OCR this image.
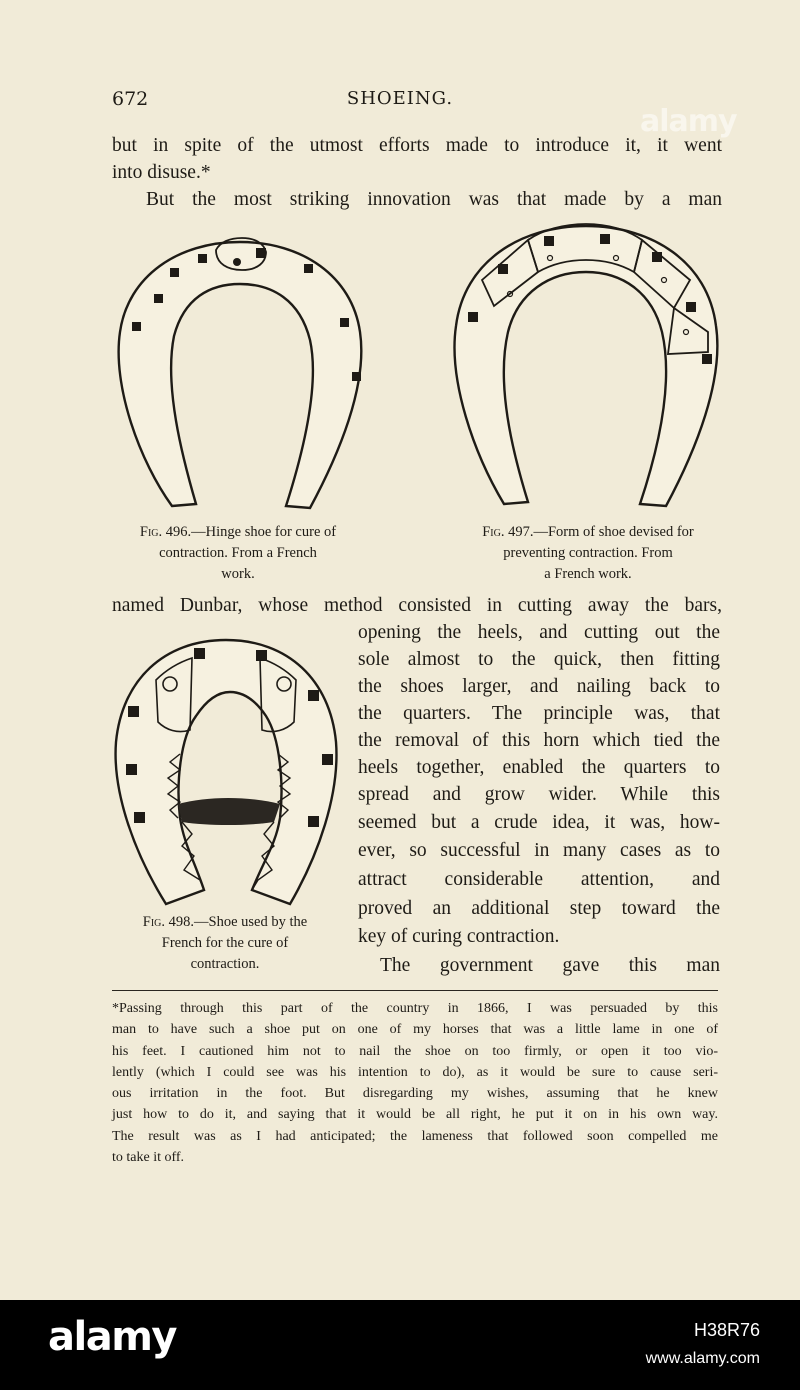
672	SHOEING.
alamy
but in spite of the utmost efforts made to introduce it, it went
into disuse.*
But the most striking innovation was that made by a man
Fig. 496.—Hinge shoe for cure of
contraction. From a French
work.
Fig. 497.—Form of shoe devised for
preventing contraction. From
a French work.
named Dunbar, whose method consisted in cutting away the bars,
Fig. 498.—Shoe used by the
French for the cure of
contraction.
opening the heels, and cutting out the
sole almost to the quick, then fitting
the shoes larger, and nailing back to
the quarters. The principle was, that
the removal of this horn which tied the
heels together, enabled the quarters to
spread and grow wider. While this
seemed but a crude idea, it was, how-
ever, so successful in many cases as to
attract considerable attention, and
proved an additional step toward the
key of curing contraction.
The government gave this man
*Passing through this part of the country in 1866, I was persuaded by this
man to have such a shoe put on one of my horses that was a little lame in one of
his feet. I cautioned him not to nail the shoe on too firmly, or open it too vio-
lently (which I could see was his intention to do), as it would be sure to cause seri-
ous irritation in the foot. But disregarding my wishes, assuming that he knew
just how to do it, and saying that it would be all right, he put it on in his own way.
The result was as I had anticipated; the lameness that followed soon compelled me
to take it off.
alamy	H38R76
www.alamy.com
